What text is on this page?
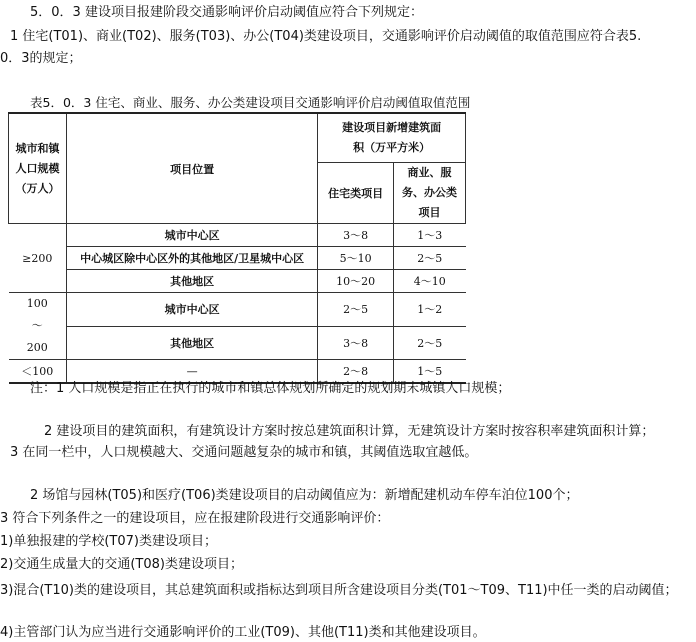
5．0．3 建设项目报建阶段交通影响评价启动阈值应符合下列规定：
1 住宅(T01)、商业(T02)、服务(T03)、办公(T04)类建设项目，交通影响评价启动阈值的取值范围应符合表5.
0．3的规定；
表5．0．3 住宅、商业、服务、办公类建设项目交通影响评价启动阈值取值范围
城市和镇人口规模（万人）	项目位置	建设项目新增建筑面积（万平方米）	
		住宅类项目	商业、服务、办公类项目
≥200	城市中心区	3～8	1～3
	中心城区除中心区外的其他地区/卫星城中心区	5～10	2～5
	其他地区	10～20	4～10
100～200	城市中心区	2～5	1～2
	其他地区	3～8	2～5
＜100	—	2～8	1～5
注：1 人口规模是指正在执行的城市和镇总体规划所确定的规划期末城镇人口规模；
2 建设项目的建筑面积，有建筑设计方案时按总建筑面积计算，无建筑设计方案时按容积率建筑面积计算；
3 在同一栏中，人口规模越大、交通问题越复杂的城市和镇，其阈值选取宜越低。
2 场馆与园林(T05)和医疗(T06)类建设项目的启动阈值应为：新增配建机动车停车泊位100个；
3 符合下列条件之一的建设项目，应在报建阶段进行交通影响评价：
1)单独报建的学校(T07)类建设项目；
2)交通生成量大的交通(T08)类建设项目；
3)混合(T10)类的建设项目，其总建筑面积或指标达到项目所含建设项目分类(T01～T09、T11)中任一类的启动阈值；
4)主管部门认为应当进行交通影响评价的工业(T09)、其他(T11)类和其他建设项目。
